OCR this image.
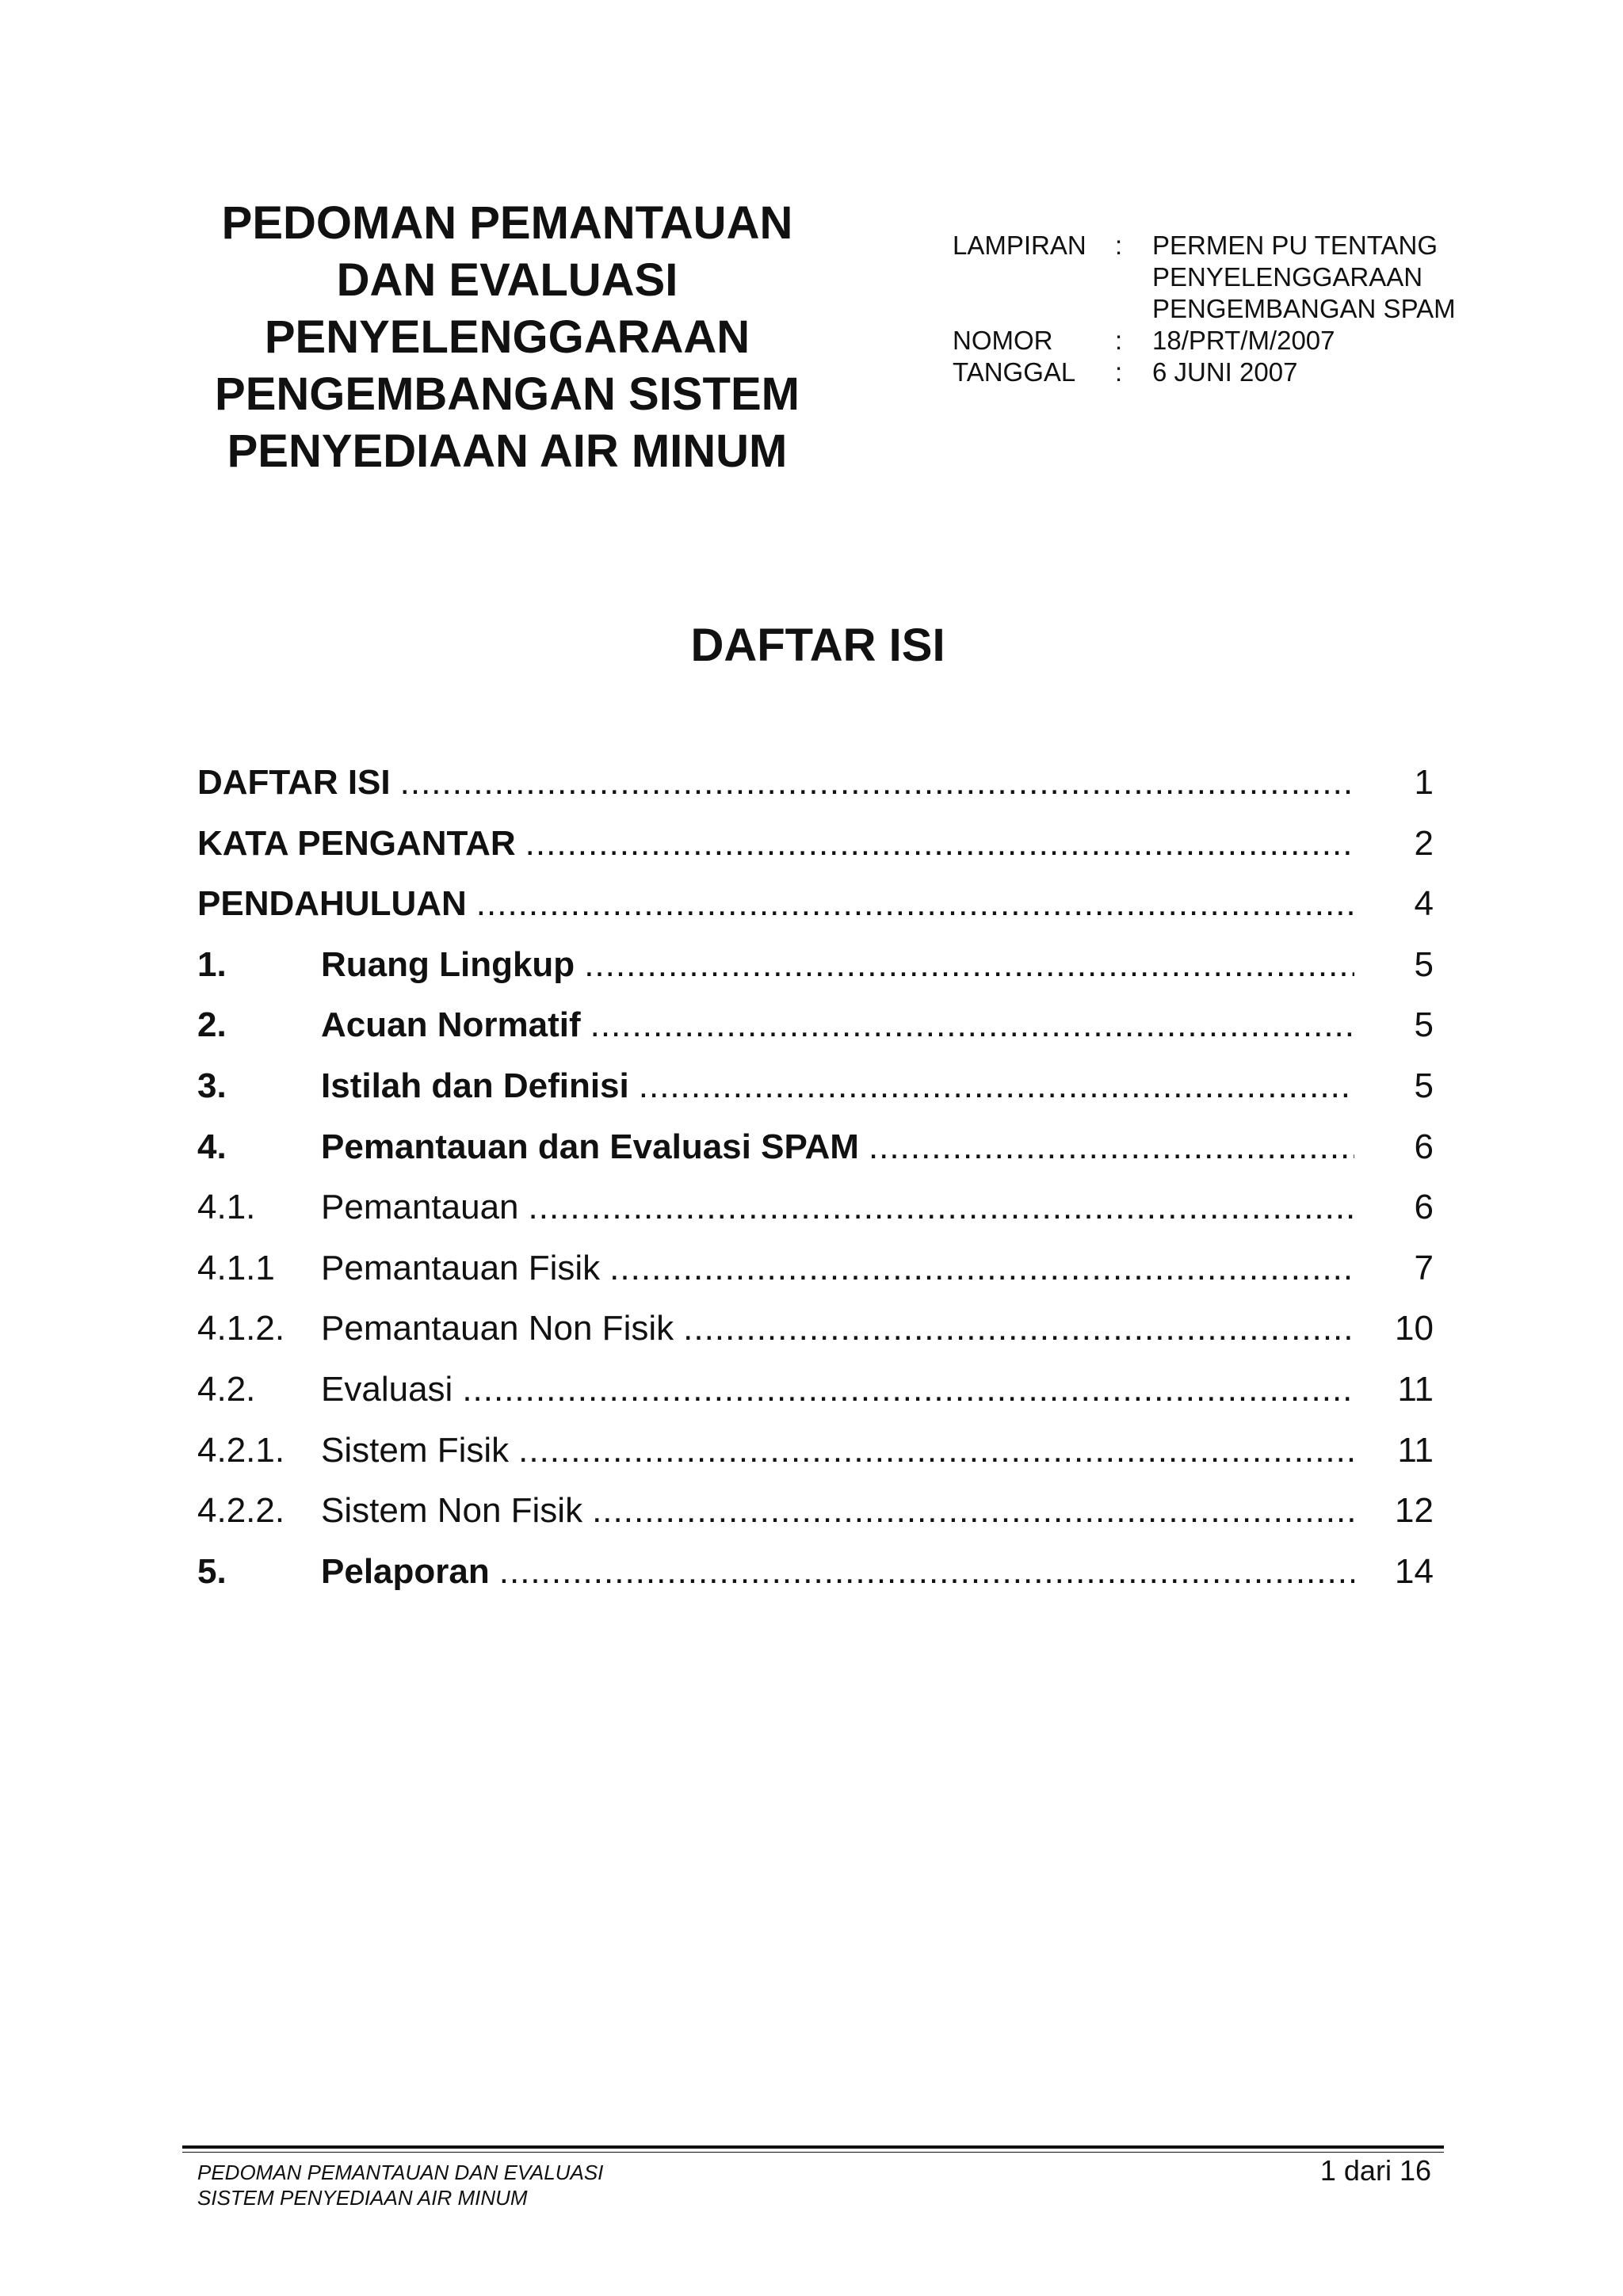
PEDOMAN PEMANTAUAN
DAN EVALUASI
PENYELENGGARAAN
PENGEMBANGAN SISTEM
PENYEDIAAN AIR MINUM
LAMPIRAN	:	PERMEN PU TENTANG
PENYELENGGARAAN
PENGEMBANGAN SPAM
NOMOR	:	18/PRT/M/2007
TANGGAL	:	6 JUNI 2007
DAFTAR ISI
DAFTAR ISI .....	1
KATA PENGANTAR .....	2
PENDAHULUAN .....	4
1.	Ruang Lingkup .....	5
2.	Acuan Normatif .....	5
3.	Istilah dan Definisi .....	5
4.	Pemantauan dan Evaluasi SPAM .....	6
4.1.	Pemantauan .....	6
4.1.1	Pemantauan Fisik .....	7
4.1.2.	Pemantauan Non Fisik .....	10
4.2.	Evaluasi .....	11
4.2.1.	Sistem Fisik .....	11
4.2.2.	Sistem Non Fisik .....	12
5.	Pelaporan .....	14
PEDOMAN PEMANTAUAN DAN EVALUASI
SISTEM PENYEDIAAN AIR MINUM
1 dari 16
